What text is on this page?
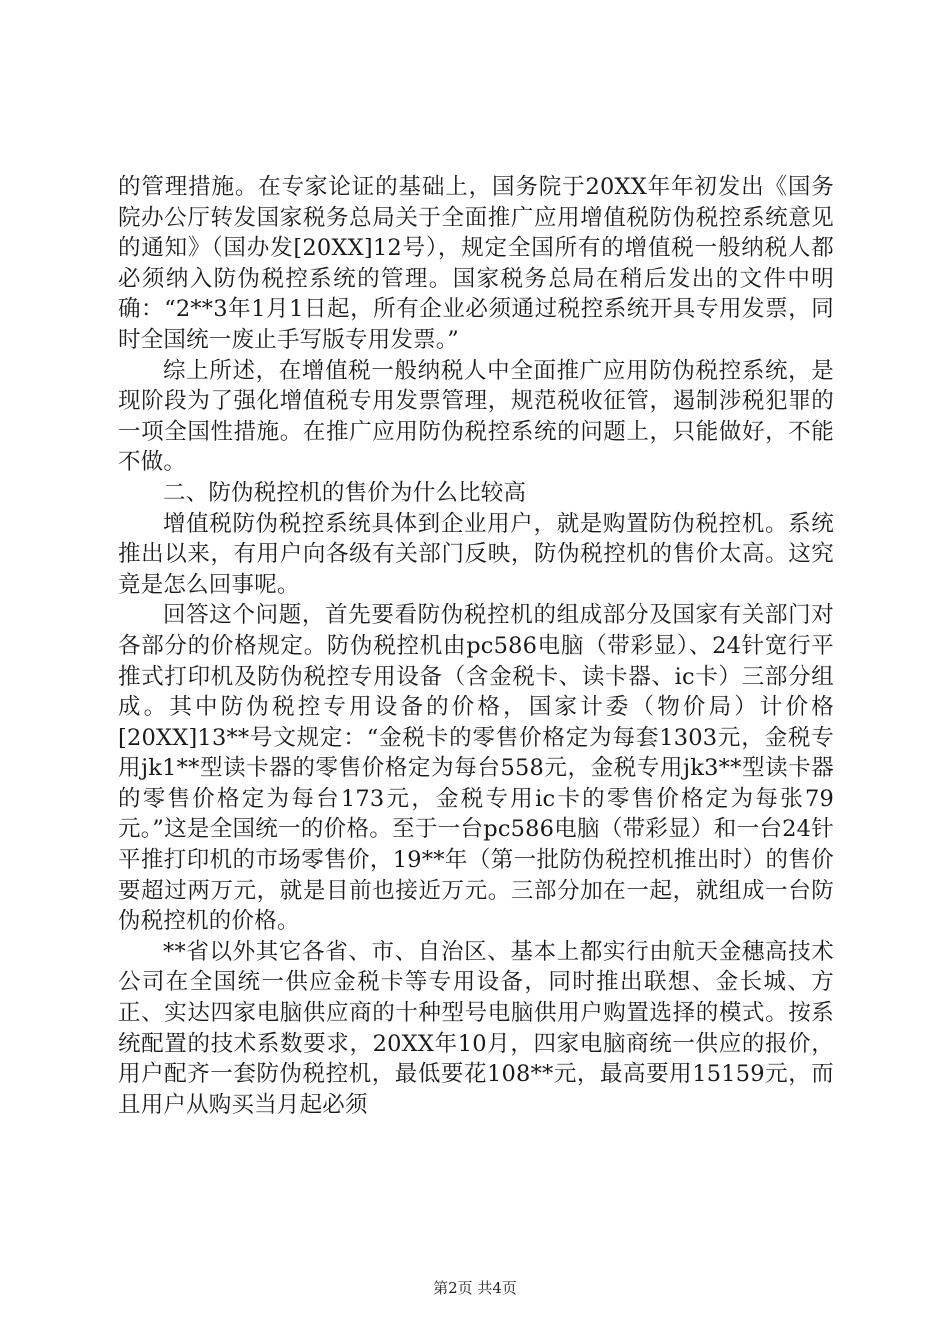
的管理措施。在专家论证的基础上，国务院于20XX年年初发出《国务院办公厅转发国家税务总局关于全面推广应用增值税防伪税控系统意见的通知》（国办发[20XX]12号），规定全国所有的增值税一般纳税人都必须纳入防伪税控系统的管理。国家税务总局在稍后发出的文件中明确：“2**3年1月1日起，所有企业必须通过税控系统开具专用发票，同时全国统一废止手写版专用发票。”

综上所述，在增值税一般纳税人中全面推广应用防伪税控系统，是现阶段为了强化增值税专用发票管理，规范税收征管，遏制涉税犯罪的一项全国性措施。在推广应用防伪税控系统的问题上，只能做好，不能不做。

二、防伪税控机的售价为什么比较高

增值税防伪税控系统具体到企业用户，就是购置防伪税控机。系统推出以来，有用户向各级有关部门反映，防伪税控机的售价太高。这究竟是怎么回事呢。

回答这个问题，首先要看防伪税控机的组成部分及国家有关部门对各部分的价格规定。防伪税控机由pc586电脑（带彩显）、24针宽行平推式打印机及防伪税控专用设备（含金税卡、读卡器、ic卡）三部分组成。其中防伪税控专用设备的价格，国家计委（物价局）计价格[20XX]13**号文规定：“金税卡的零售价格定为每套1303元，金税专用jk1**型读卡器的零售价格定为每台558元，金税专用jk3**型读卡器的零售价格定为每台173元，金税专用ic卡的零售价格定为每张79元。”这是全国统一的价格。至于一台pc586电脑（带彩显）和一台24针平推打印机的市场零售价，19**年（第一批防伪税控机推出时）的售价要超过两万元，就是目前也接近万元。三部分加在一起，就组成一台防伪税控机的价格。

**省以外其它各省、市、自治区、基本上都实行由航天金穗高技术公司在全国统一供应金税卡等专用设备，同时推出联想、金长城、方正、实达四家电脑供应商的十种型号电脑供用户购置选择的模式。按系统配置的技术系数要求，20XX年10月，四家电脑商统一供应的报价，用户配齐一套防伪税控机，最低要花108**元，最高要用15159元，而且用户从购买当月起必须

第2页 共4页
